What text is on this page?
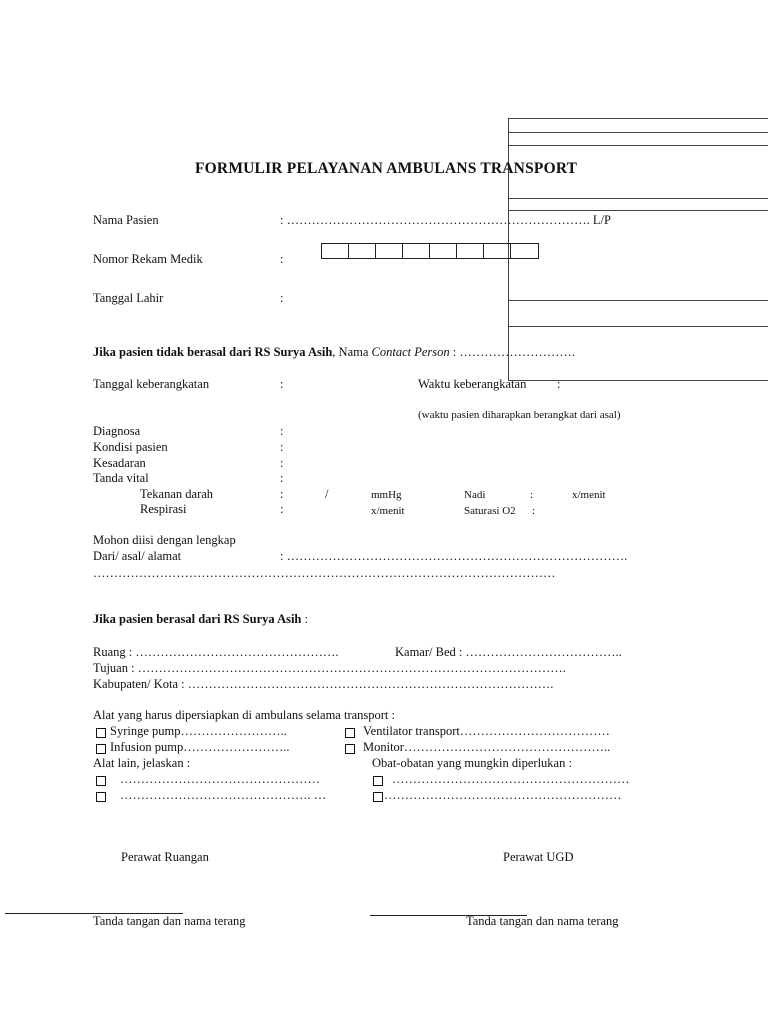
FORMULIR PELAYANAN AMBULANS TRANSPORT
Nama Pasien	: ………………………………………………………………. L/P
Nomor Rekam Medik	:
Tanggal Lahir	:
Jika pasien tidak berasal dari RS Surya Asih, Nama Contact Person : ……………………….
Tanggal keberangkatan	:	Waktu keberangkatan :
(waktu pasien diharapkan berangkat dari asal)
Diagnosa	:
Kondisi pasien	:
Kesadaran	:
Tanda vital	:
Tekanan darah	:	/	mmHg	Nadi	:	x/menit
Respirasi	:	x/menit	Saturasi O2 :
Mohon diisi dengan lengkap
Dari/ asal/ alamat	: ……………………………………………………………………….
…………………………………………………………………………………………………
Jika pasien berasal dari RS Surya Asih :
Ruang : ………………………………………….	Kamar/ Bed : ………………………………..
Tujuan : ………………………………………………………………………………………….
Kabupaten/ Kota : …………………………………………………………………………….
Alat yang harus dipersiapkan di ambulans selama transport :
Syringe pump……………………..	Ventilator transport………………………………
Infusion pump……………………..	Monitor…………………………………………..
Alat lain, jelaskan :	Obat-obatan yang mungkin diperlukan :
…………………………………………	…………………………………………………
………………………………………. …	…………………………………………………
Perawat Ruangan	Perawat UGD
Tanda tangan dan nama terang	Tanda tangan dan nama terang
